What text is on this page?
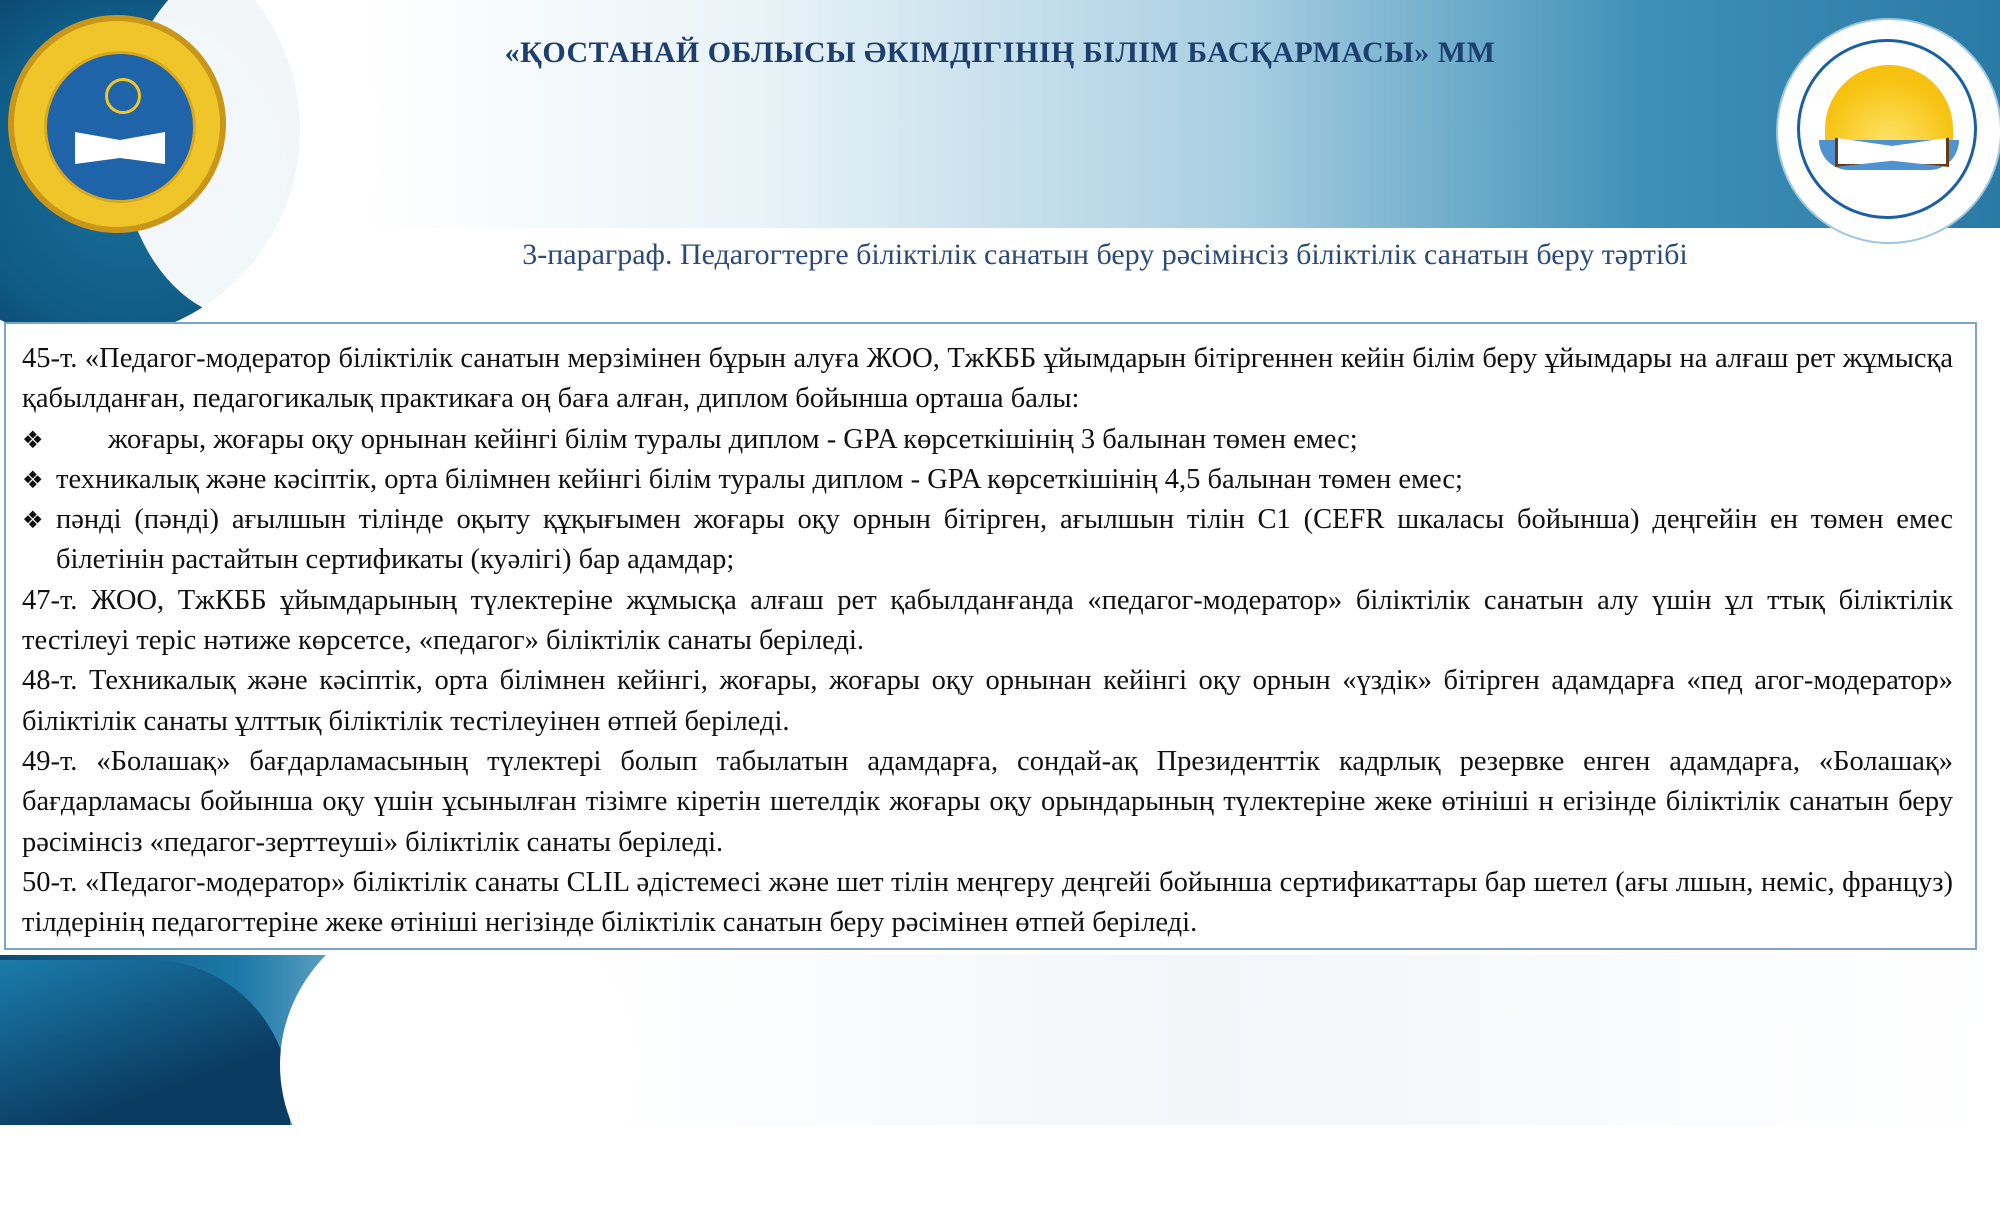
«ҚОСТАНАЙ ОБЛЫСЫ ӘКІМДІГІНІҢ БІЛІМ БАСҚАРМАСЫ» ММ
3-параграф. Педагогтерге біліктілік санатын беру рәсімінсіз біліктілік санатын беру тәртібі

45-т. «Педагог-модератор біліктілік санатын мерзімінен бұрын алуға ЖОО, ТжКББ ұйымдарын бітіргеннен кейін білім беру ұйымдары на алғаш рет жұмысқа қабылданған, педагогикалық практикаға оң баға алған, диплом бойынша орташа балы:

❖	жоғары, жоғары оқу орнынан кейінгі білім туралы диплом - GPA көрсеткішінің 3 балынан төмен емес;
❖ техникалық және кәсіптік, орта білімнен кейінгі білім туралы диплом - GPA көрсеткішінің 4,5 балынан төмен емес;
❖ пәнді (пәнді) ағылшын тілінде оқыту құқығымен жоғары оқу орнын бітірген, ағылшын тілін С1 (CEFR шкаласы бойынша) деңгейін ен төмен емес білетінін растайтын сертификаты (куәлігі) бар адамдар;

47-т. ЖОО, ТжКББ ұйымдарының түлектеріне жұмысқа алғаш рет қабылданғанда «педагог-модератор» біліктілік санатын алу үшін ұл ттық біліктілік тестілеуі теріс нәтиже көрсетсе, «педагог» біліктілік санаты беріледі.

48-т. Техникалық және кәсіптік, орта білімнен кейінгі, жоғары, жоғары оқу орнынан кейінгі оқу орнын «үздік» бітірген адамдарға «пед агог-модератор» біліктілік санаты ұлттық біліктілік тестілеуінен өтпей беріледі.

49-т. «Болашақ» бағдарламасының түлектері болып табылатын адамдарға, сондай-ақ Президенттік кадрлық резервке енген адамдарға, «Болашақ» бағдарламасы бойынша оқу үшін ұсынылған тізімге кіретін шетелдік жоғары оқу орындарының түлектеріне жеке өтініші н егізінде біліктілік санатын беру рәсімінсіз «педагог-зерттеуші» біліктілік санаты беріледі.

50-т. «Педагог-модератор» біліктілік санаты CLIL әдістемесі және шет тілін меңгеру деңгейі бойынша сертификаттары бар шетел (ағы лшын, неміс, француз) тілдерінің педагогтеріне жеке өтініші негізінде біліктілік санатын беру рәсімінен өтпей беріледі.
